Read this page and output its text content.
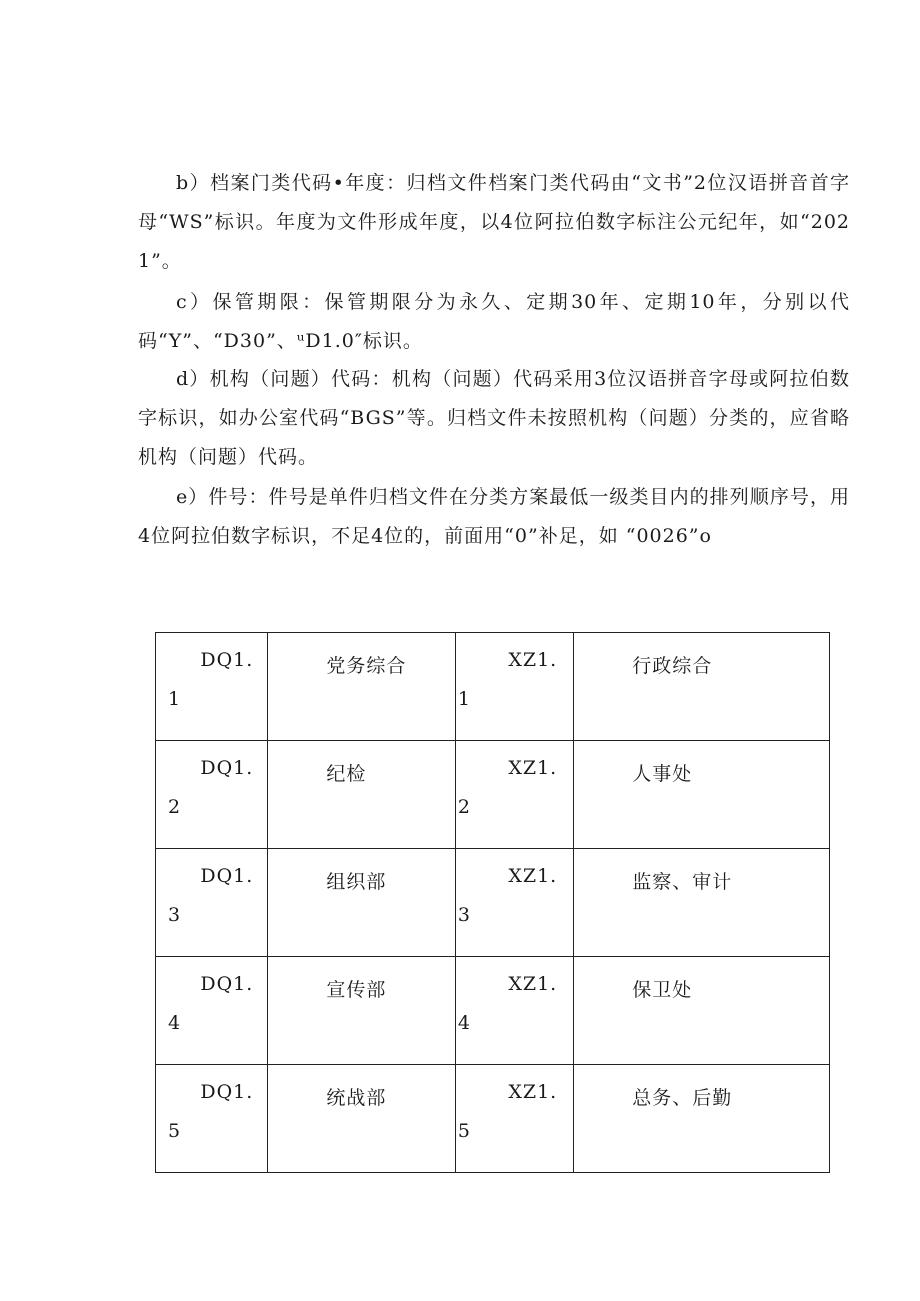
b）档案门类代码•年度：归档文件档案门类代码由“文书”2位汉语拼音首字母“WS”标识。年度为文件形成年度，以4位阿拉伯数字标注公元纪年，如“2021”。

c）保管期限：保管期限分为永久、定期30年、定期10年，分别以代码“Y”、“D30”、ᵘD1.0″标识。

d）机构（问题）代码：机构（问题）代码采用3位汉语拼音字母或阿拉伯数字标识，如办公室代码“BGS”等。归档文件未按照机构（问题）分类的，应省略机构（问题）代码。

e）件号：件号是单件归档文件在分类方案最低一级类目内的排列顺序号，用4位阿拉伯数字标识，不足4位的，前面用“0”补足，如 “0026”o

DQ1.
1	党务综合	XZ1.
1	行政综合

DQ1.
2	纪检	XZ1.
2	人事处

DQ1.
3	组织部	XZ1.
3	监察、审计

DQ1.
4	宣传部	XZ1.
4	保卫处

DQ1.
5	统战部	XZ1.
5	总务、后勤
